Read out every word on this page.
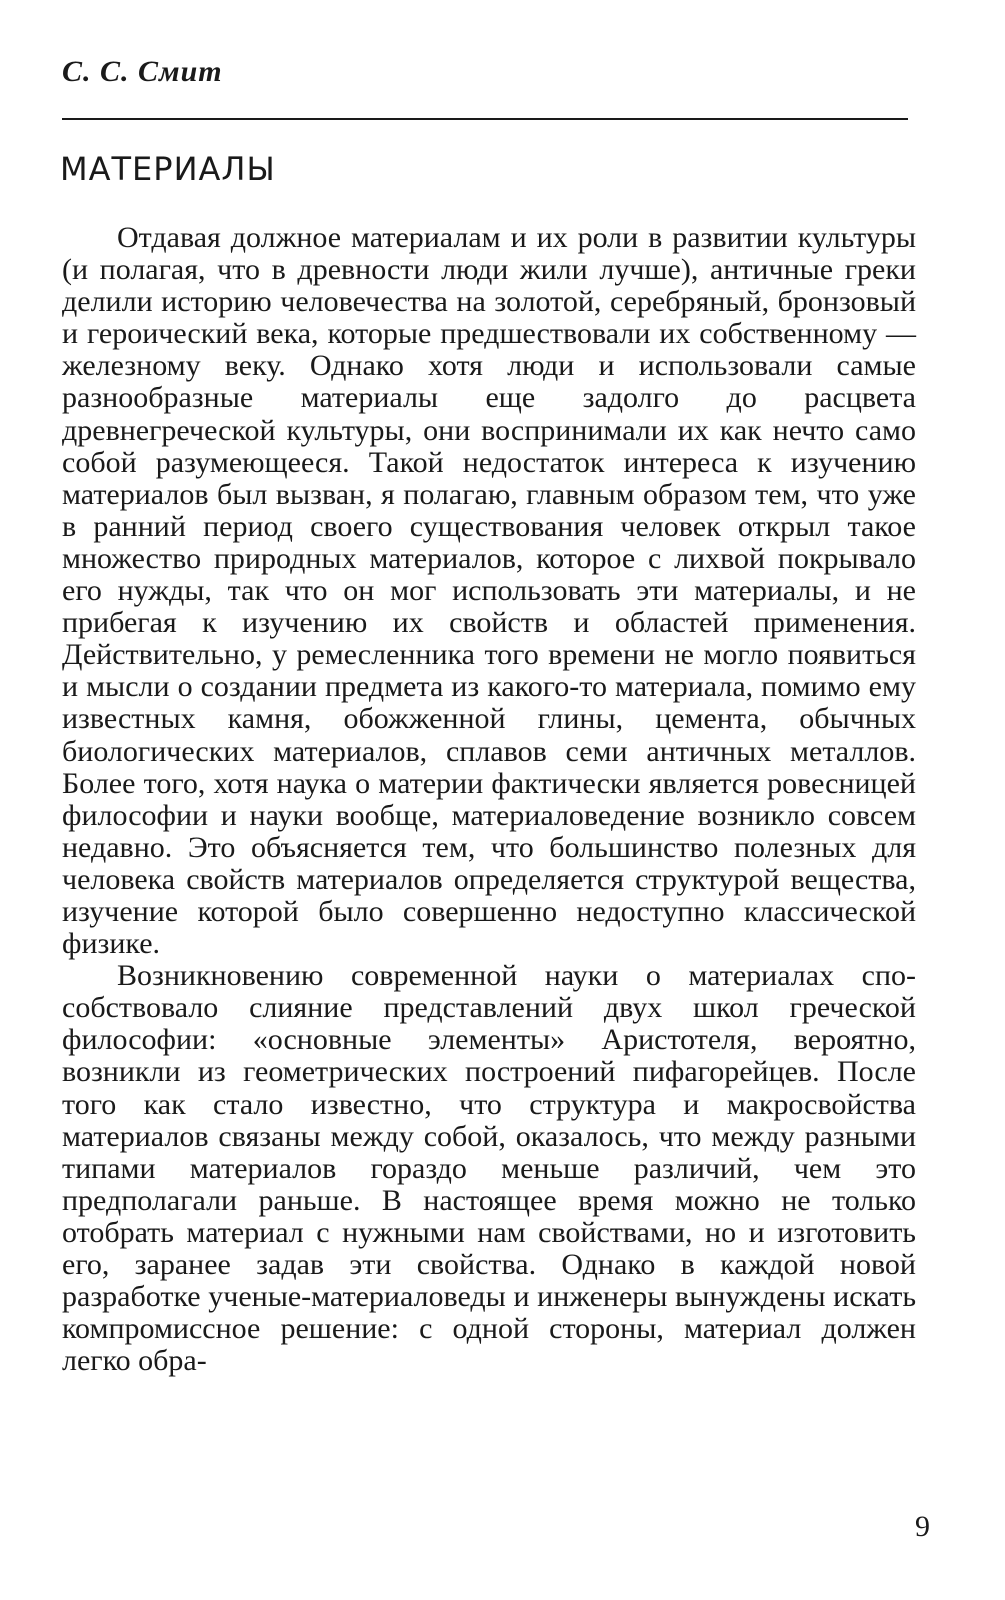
С. С. Смит
МАТЕРИАЛЫ

Отдавая должное материалам и их роли в развитии культуры (и полагая, что в древности люди жили лучше), античные греки делили историю человечества на золотой, серебряный, бронзовый и героический века, которые предшествовали их собственному — железному веку. Однако хотя люди и использовали самые разнообразные материалы еще задолго до расцвета древнегреческой культуры, они воспринимали их как нечто само собой разумеющееся. Такой недостаток интереса к изучению материалов был вызван, я полагаю, главным образом тем, что уже в ранний период своего существования человек открыл такое множество природных материалов, которое с лихвой покрывало его нужды, так что он мог использовать эти материалы, и не прибегая к изучению их свойств и областей применения. Действительно, у ремесленника того времени не могло появиться и мысли о создании предмета из какого-то материала, помимо ему известных камня, обожженной глины, цемента, обычных биологических материалов, сплавов семи античных металлов. Более того, хотя наука о материи фактически является ровесницей философии и науки вообще, материаловедение возникло совсем недавно. Это объясняется тем, что большинство полезных для человека свойств материалов определяется структурой вещества, изучение которой было совершенно недоступно классической физике.

Возникновению современной науки о материалах способствовало слияние представлений двух школ греческой философии: «основные элементы» Аристотеля, вероятно, возникли из геометрических построений пифагорейцев. После того как стало известно, что структура и макросвойства материалов связаны между собой, оказалось, что между разными типами материалов гораздо меньше различий, чем это предполагали раньше. В настоящее время можно не только отобрать материал с нужными нам свойствами, но и изготовить его, заранее задав эти свойства. Однако в каждой новой разработке ученые-материаловеды и инженеры вынуждены искать компромиссное решение: с одной стороны, материал должен легко обра-

9
